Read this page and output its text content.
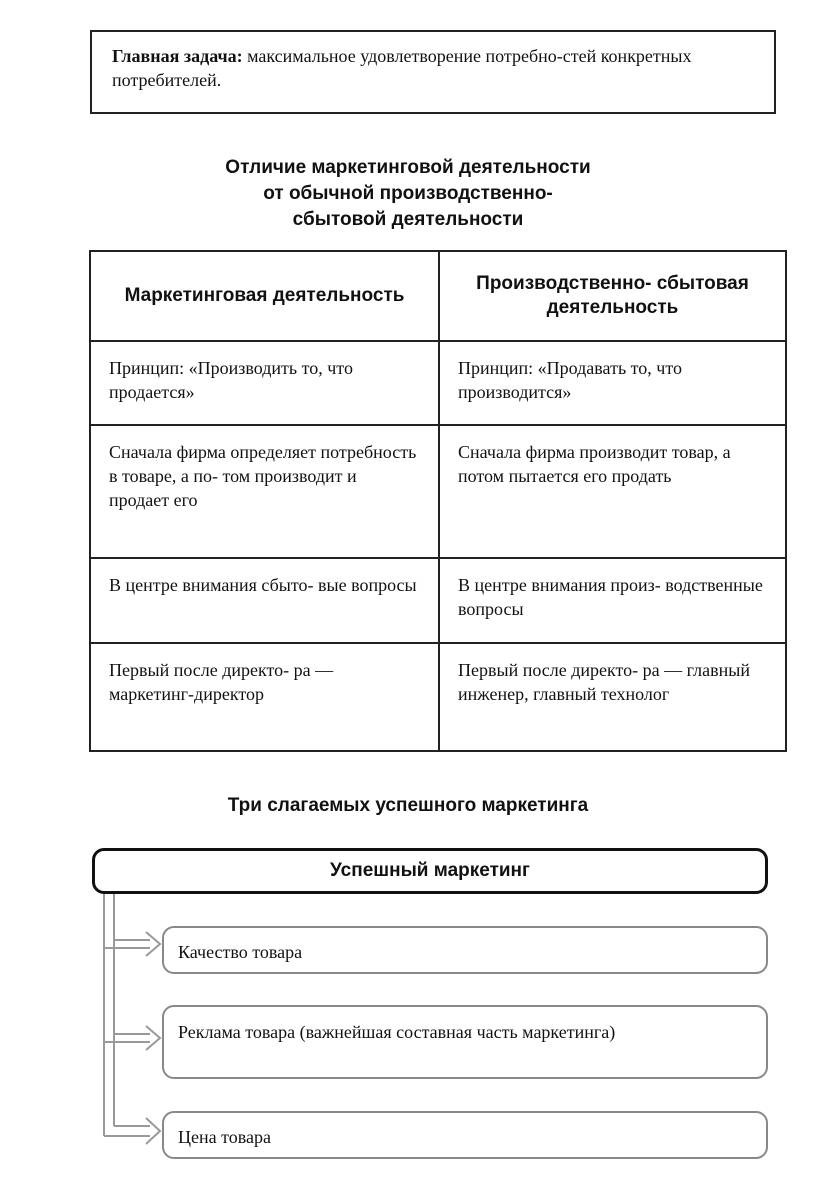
Главная задача: максимальное удовлетворение потребно-стей конкретных потребителей.
Отличие маркетинговой деятельности
от обычной производственно-
сбытовой деятельности
Маркетинговая деятельность	Производственно- сбытовая деятельность
Принцип: «Производить то, что продается»	Принцип: «Продавать то, что производится»
Сначала фирма определяет потребность в товаре, а по- том производит и продает его	Сначала фирма производит товар, а потом пытается его продать
В центре внимания сбыто- вые вопросы	В центре внимания произ- водственные вопросы
Первый после директо- ра — маркетинг-директор	Первый после директо- ра — главный инженер, главный технолог
Три слагаемых успешного маркетинга
Успешный маркетинг
Качество товара
Реклама товара (важнейшая составная часть маркетинга)
Цена товара
